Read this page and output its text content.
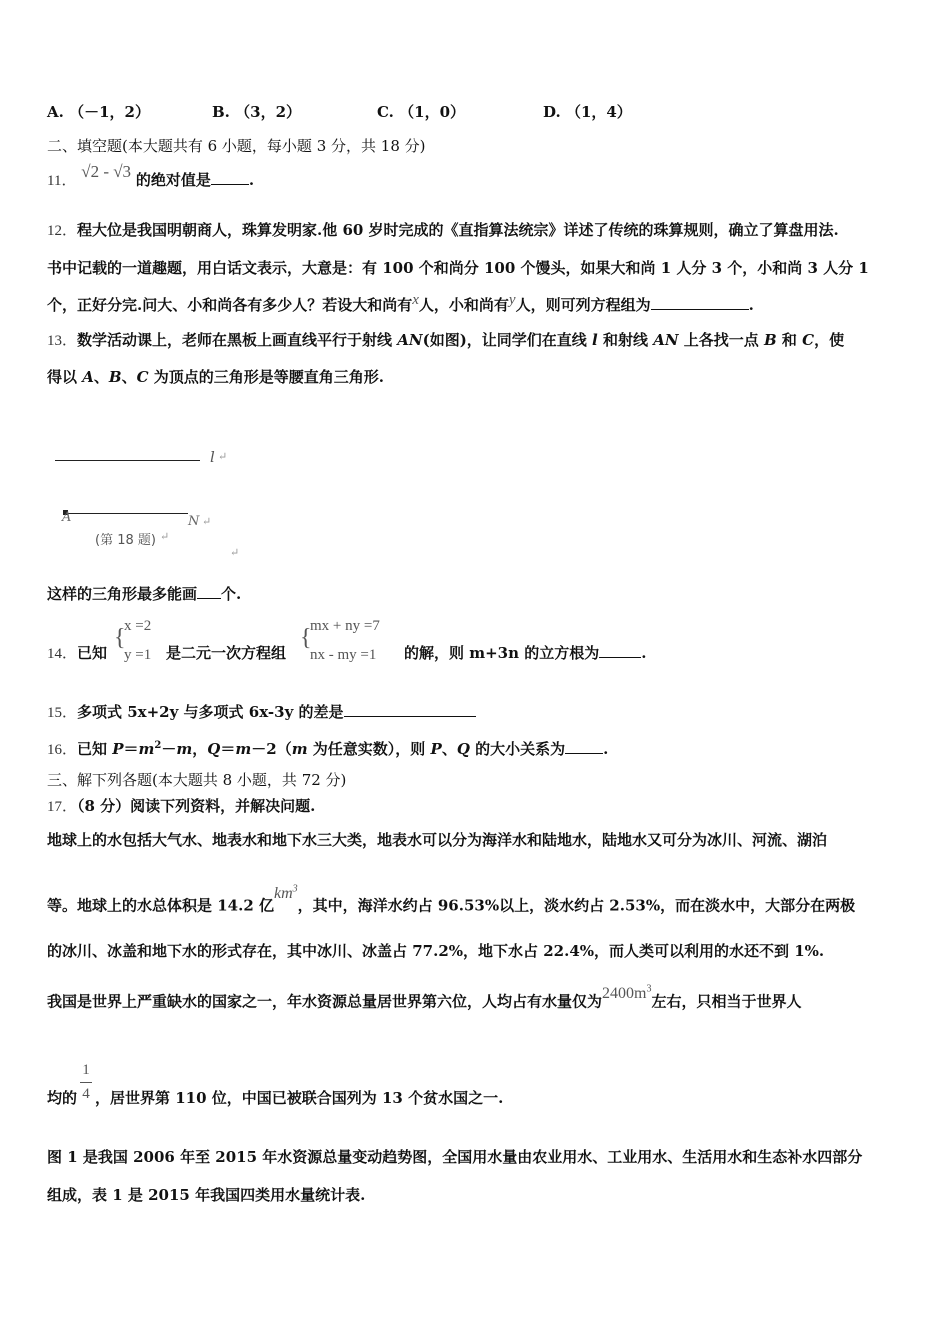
A. （－1，2）	B. （3，2）	C. （1，0）	D. （1，4）
二、填空题(本大题共有 6 小题，每小题 3 分，共 18 分)
11． √2 - √3 的绝对值是	.
12．程大位是我国明朝商人，珠算发明家.他 60 岁时完成的《直指算法统宗》详述了传统的珠算规则，确立了算盘用法.
书中记载的一道趣题，用白话文表示，大意是：有 100 个和尚分 100 个馒头，如果大和尚 1 人分 3 个，小和尚 3 人分 1
个，正好分完.问大、小和尚各有多少人？若设大和尚有x人，小和尚有y人，则可列方程组为	.
13．数学活动课上，老师在黑板上画直线平行于射线 AN(如图)，让同学们在直线 l 和射线 AN 上各找一点 B 和 C，使
得以 A、B、C 为顶点的三角形是等腰直角三角形.
l ↵
A	N ↵
(第 18 题) ↵
↵
这样的三角形最多能画 个.
14．已知
{
x =2
y =1 是二元一次方程组
{
mx + ny =7
nx - my =1 的解，则 m+3n 的立方根为	.
15．多项式 5x+2y 与多项式 6x-3y 的差是
16．已知 $P=m^2-m$，Q＝m－2（m 为任意实数），则 P、Q 的大小关系为	.
三、解下列各题(本大题共 8 小题，共 72 分)
17．（8 分）阅读下列资料，并解决问题.
地球上的水包括大气水、地表水和地下水三大类，地表水可以分为海洋水和陆地水，陆地水又可分为冰川、河流、湖泊
等。地球上的水总体积是 14.2 亿$km^3$，其中，海洋水约占 96.53%以上，淡水约占 2.53%，而在淡水中，大部分在两极
的冰川、冰盖和地下水的形式存在，其中冰川、冰盖占 77.2%，地下水占 22.4%，而人类可以利用的水还不到 1%.
我国是世界上严重缺水的国家之一，年水资源总量居世界第六位，人均占有水量仅为$2400m^3$左右，只相当于世界人
均的 ，居世界第 110 位，中国已被联合国列为 13 个贫水国之一.
1
4
图 1 是我国 2006 年至 2015 年水资源总量变动趋势图，全国用水量由农业用水、工业用水、生活用水和生态补水四部分
组成，表 1 是 2015 年我国四类用水量统计表.
